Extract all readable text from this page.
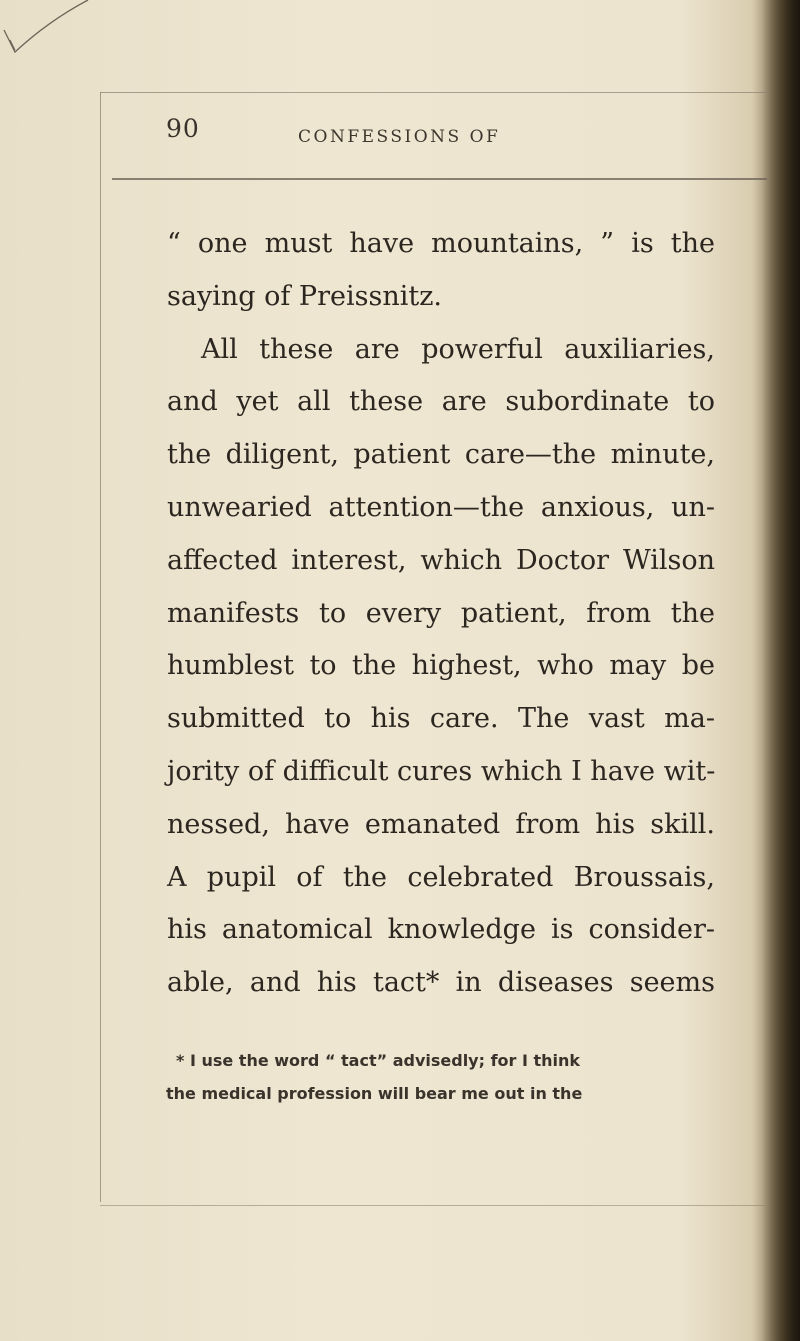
90	CONFESSIONS OF
“ one must have mountains, ” is the
saying of Preissnitz.
All these are powerful auxiliaries,
and yet all these are subordinate to
the diligent, patient care—the minute,
unwearied attention—the anxious, un-
affected interest, which Doctor Wilson
manifests to every patient, from the
humblest to the highest, who may be
submitted to his care. The vast ma-
jority of difficult cures which I have wit-
nessed, have emanated from his skill.
A pupil of the celebrated Broussais,
his anatomical knowledge is consider-
able, and his tact* in diseases seems
* I use the word “ tact” advisedly; for I think
the medical profession will bear me out in the
